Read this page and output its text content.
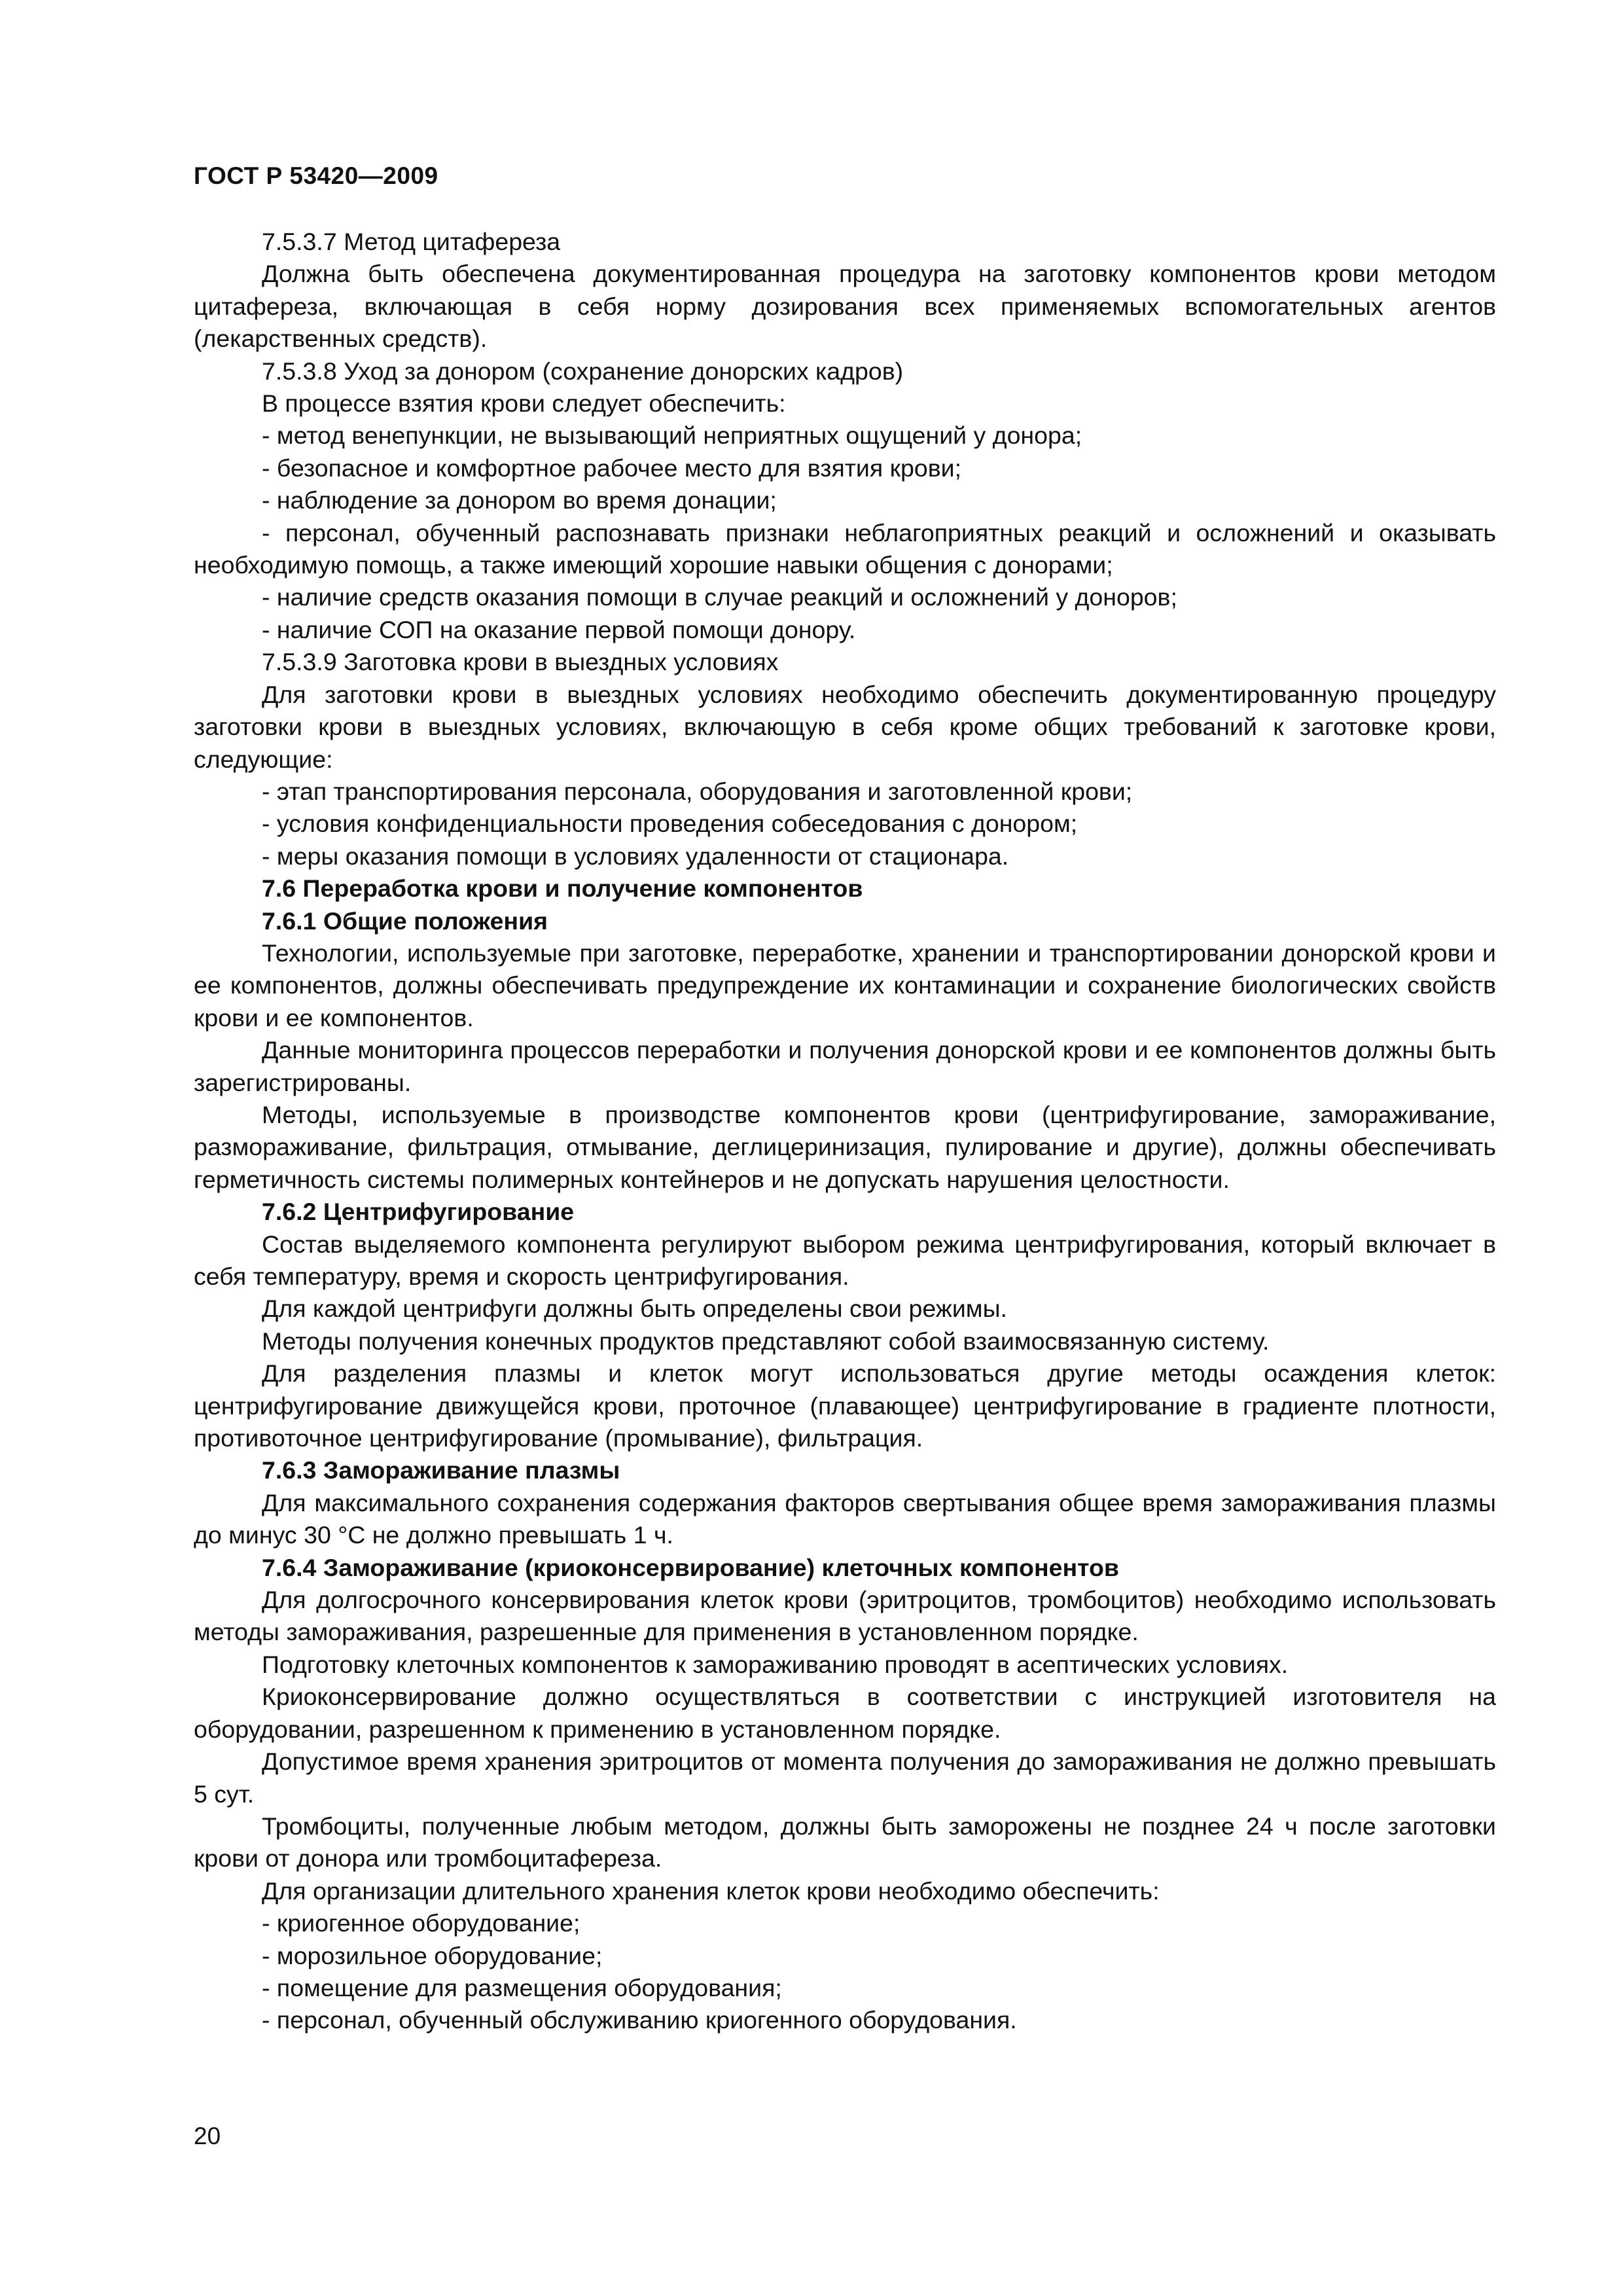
ГОСТ Р 53420—2009

7.5.3.7 Метод цитафереза

Должна быть обеспечена документированная процедура на заготовку компонентов крови методом цитафереза, включающая в себя норму дозирования всех применяемых вспомогательных агентов (лекарственных средств).

7.5.3.8 Уход за донором (сохранение донорских кадров)

В процессе взятия крови следует обеспечить:

- метод венепункции, не вызывающий неприятных ощущений у донора;

- безопасное и комфортное рабочее место для взятия крови;

- наблюдение за донором во время донации;

- персонал, обученный распознавать признаки неблагоприятных реакций и осложнений и оказывать необходимую помощь, а также имеющий хорошие навыки общения с донорами;

- наличие средств оказания помощи в случае реакций и осложнений у доноров;

- наличие СОП на оказание первой помощи донору.

7.5.3.9 Заготовка крови в выездных условиях

Для заготовки крови в выездных условиях необходимо обеспечить документированную процедуру заготовки крови в выездных условиях, включающую в себя кроме общих требований к заготовке крови, следующие:

- этап транспортирования персонала, оборудования и заготовленной крови;

- условия конфиденциальности проведения собеседования с донором;

- меры оказания помощи в условиях удаленности от стационара.

7.6 Переработка крови и получение компонентов

7.6.1 Общие положения

Технологии, используемые при заготовке, переработке, хранении и транспортировании донорской крови и ее компонентов, должны обеспечивать предупреждение их контаминации и сохранение биологических свойств крови и ее компонентов.

Данные мониторинга процессов переработки и получения донорской крови и ее компонентов должны быть зарегистрированы.

Методы, используемые в производстве компонентов крови (центрифугирование, замораживание, размораживание, фильтрация, отмывание, деглицеринизация, пулирование и другие), должны обеспечивать герметичность системы полимерных контейнеров и не допускать нарушения целостности.

7.6.2 Центрифугирование

Состав выделяемого компонента регулируют выбором режима центрифугирования, который включает в себя температуру, время и скорость центрифугирования.

Для каждой центрифуги должны быть определены свои режимы.

Методы получения конечных продуктов представляют собой взаимосвязанную систему.

Для разделения плазмы и клеток могут использоваться другие методы осаждения клеток: центрифугирование движущейся крови, проточное (плавающее) центрифугирование в градиенте плотности, противоточное центрифугирование (промывание), фильтрация.

7.6.3 Замораживание плазмы

Для максимального сохранения содержания факторов свертывания общее время замораживания плазмы до минус 30 °С не должно превышать 1 ч.

7.6.4 Замораживание (криоконсервирование) клеточных компонентов

Для долгосрочного консервирования клеток крови (эритроцитов, тромбоцитов) необходимо использовать методы замораживания, разрешенные для применения в установленном порядке.

Подготовку клеточных компонентов к замораживанию проводят в асептических условиях.

Криоконсервирование должно осуществляться в соответствии с инструкцией изготовителя на оборудовании, разрешенном к применению в установленном порядке.

Допустимое время хранения эритроцитов от момента получения до замораживания не должно превышать 5 сут.

Тромбоциты, полученные любым методом, должны быть заморожены не позднее 24 ч после заготовки крови от донора или тромбоцитафереза.

Для организации длительного хранения клеток крови необходимо обеспечить:

- криогенное оборудование;

- морозильное оборудование;

- помещение для размещения оборудования;

- персонал, обученный обслуживанию криогенного оборудования.

20
